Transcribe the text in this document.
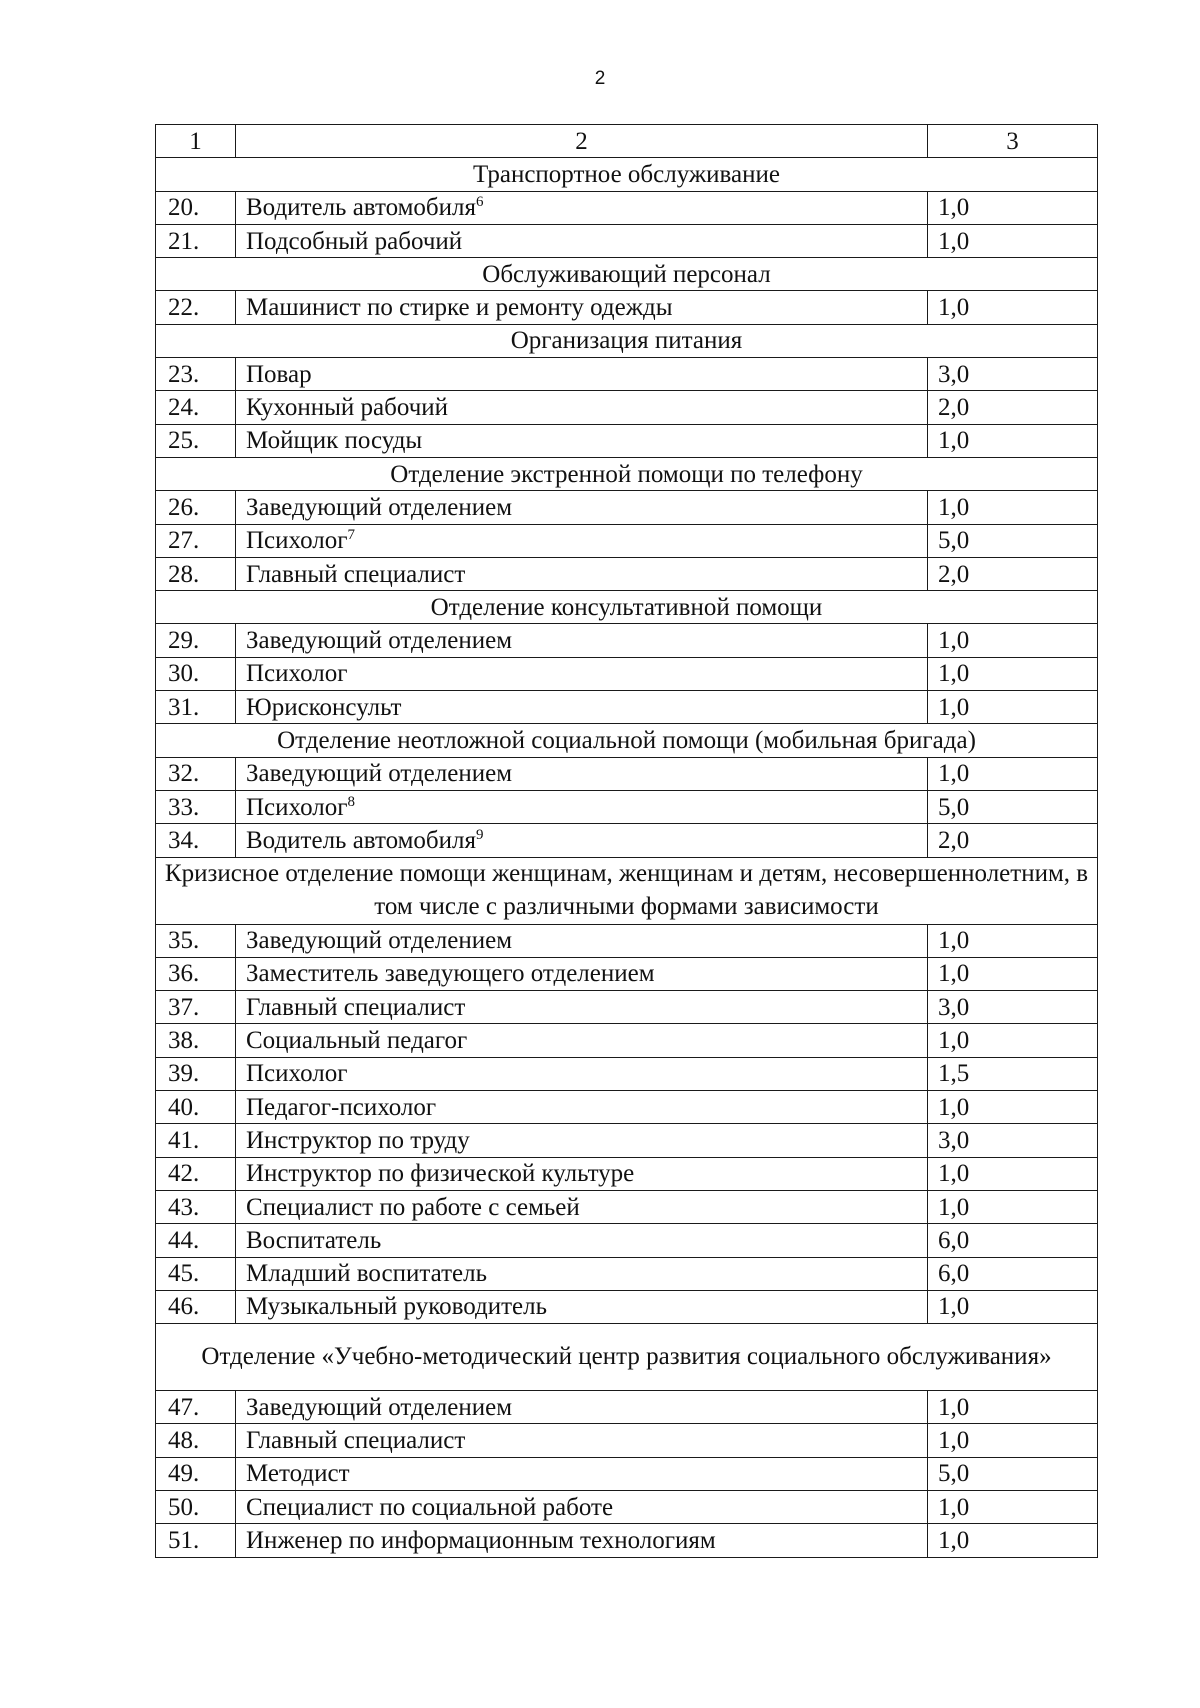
2
1	2	3
Транспортное обслуживание		
20.	Водитель автомобиля$^6$	1,0
21.	Подсобный рабочий	1,0
Обслуживающий персонал		
22.	Машинист по стирке и ремонту одежды	1,0
Организация питания		
23.	Повар	3,0
24.	Кухонный рабочий	2,0
25.	Мойщик посуды	1,0
Отделение экстренной помощи по телефону		
26.	Заведующий отделением	1,0
27.	Психолог$^7$	5,0
28.	Главный специалист	2,0
Отделение консультативной помощи		
29.	Заведующий отделением	1,0
30.	Психолог	1,0
31.	Юрисконсульт	1,0
Отделение неотложной социальной помощи (мобильная бригада)		
32.	Заведующий отделением	1,0
33.	Психолог$^8$	5,0
34.	Водитель автомобиля$^9$	2,0
Кризисное отделение помощи женщинам, женщинам и детям, несовершеннолетним, в том числе с различными формами зависимости		
35.	Заведующий отделением	1,0
36.	Заместитель заведующего отделением	1,0
37.	Главный специалист	3,0
38.	Социальный педагог	1,0
39.	Психолог	1,5
40.	Педагог-психолог	1,0
41.	Инструктор по труду	3,0
42.	Инструктор по физической культуре	1,0
43.	Специалист по работе с семьей	1,0
44.	Воспитатель	6,0
45.	Младший воспитатель	6,0
46.	Музыкальный руководитель	1,0
Отделение «Учебно-методический центр развития социального обслуживания»		
47.	Заведующий отделением	1,0
48.	Главный специалист	1,0
49.	Методист	5,0
50.	Специалист по социальной работе	1,0
51.	Инженер по информационным технологиям	1,0
